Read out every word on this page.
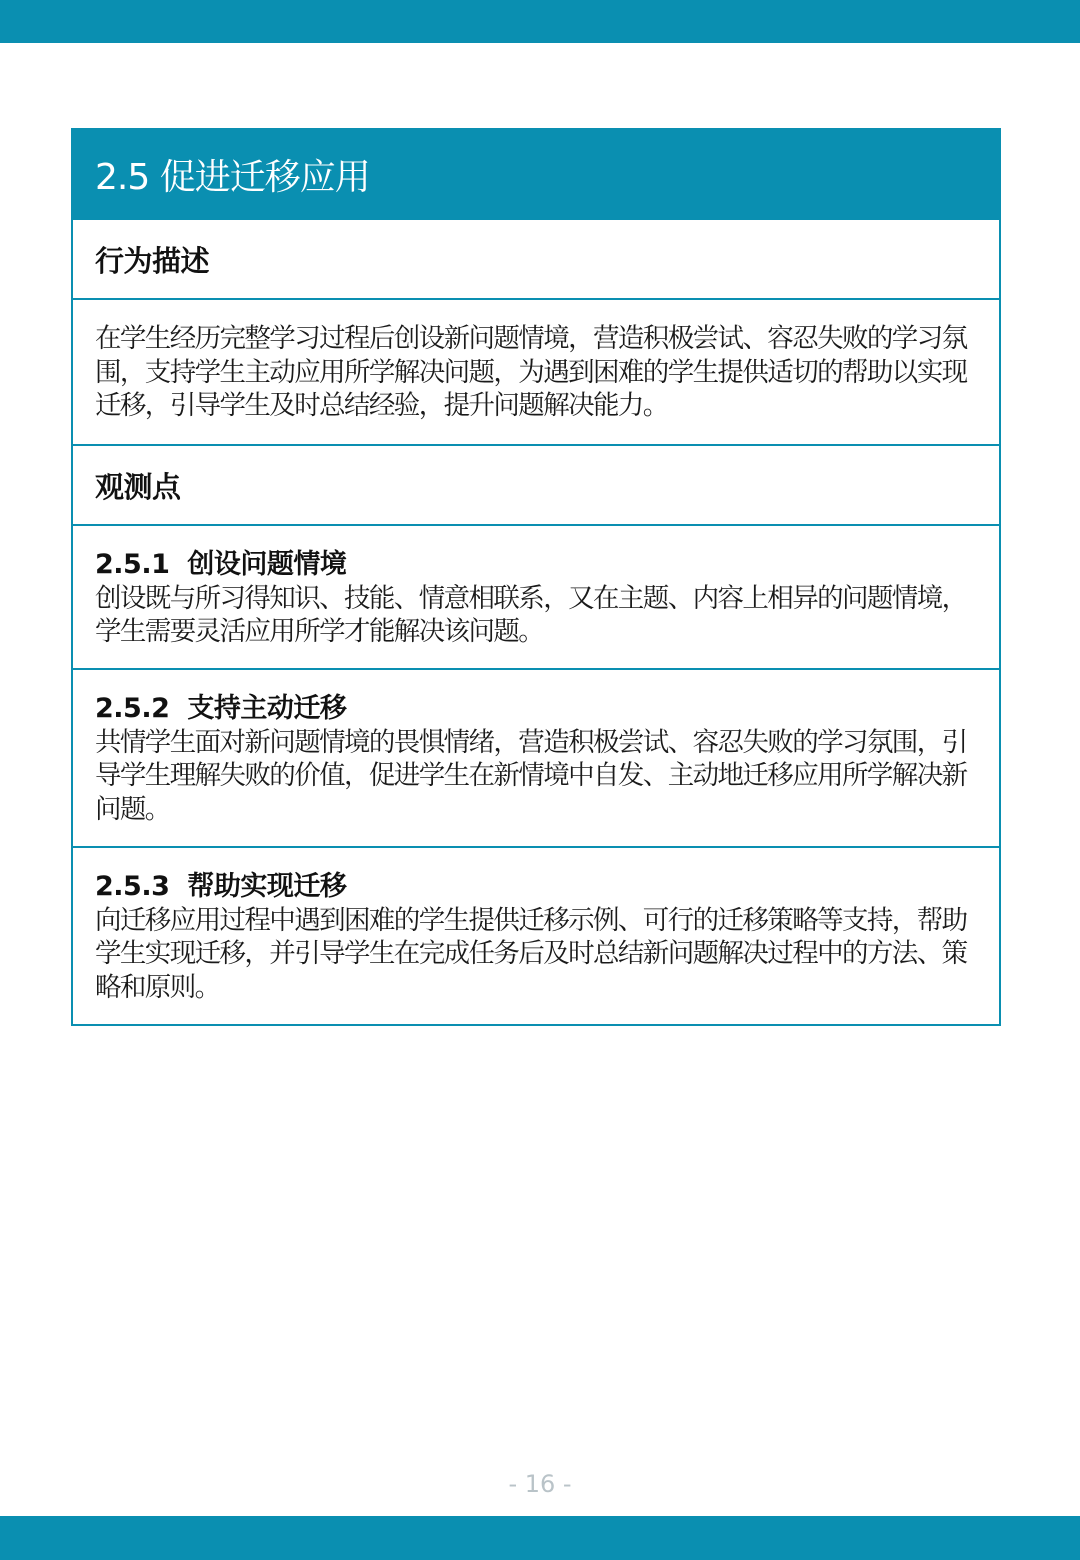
2.5 促进迁移应用
行为描述

在学生经历完整学习过程后创设新问题情境，营造积极尝试、容忍失败的学习氛围，支持学生主动应用所学解决问题，为遇到困难的学生提供适切的帮助以实现迁移，引导学生及时总结经验，提升问题解决能力。

观测点
2.5.1 创设问题情境

创设既与所习得知识、技能、情意相联系，又在主题、内容上相异的问题情境，学生需要灵活应用所学才能解决该问题。

2.5.2 支持主动迁移

共情学生面对新问题情境的畏惧情绪，营造积极尝试、容忍失败的学习氛围，引导学生理解失败的价值，促进学生在新情境中自发、主动地迁移应用所学解决新问题。

2.5.3 帮助实现迁移

向迁移应用过程中遇到困难的学生提供迁移示例、可行的迁移策略等支持，帮助学生实现迁移，并引导学生在完成任务后及时总结新问题解决过程中的方法、策略和原则。

- 16 -
